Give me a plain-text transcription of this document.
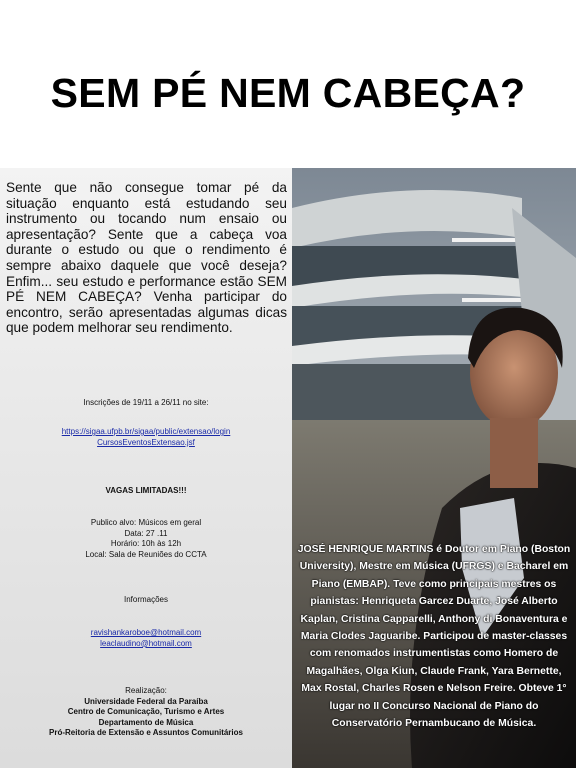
SEM PÉ NEM CABEÇA?

Sente que não consegue tomar pé da situação enquanto está estudando seu instrumento ou tocando num ensaio ou apresentação? Sente que a cabeça voa durante o estudo ou que o rendimento é sempre abaixo daquele que você deseja? Enfim... seu estudo e performance estão SEM PÉ NEM CABEÇA? Venha participar do encontro, serão apresentadas algumas dicas que podem melhorar seu rendimento.

Inscrições de 19/11 a 26/11 no site:
https://sigaa.ufpb.br/sigaa/public/extensao/login
CursosEventosExtensao.jsf
VAGAS LIMITADAS!!!
Publico alvo: Músicos em geral
Data: 27 .11
Horário: 10h às 12h
Local: Sala de Reuniões do CCTA
Informações
ravishankaroboe@hotmail.com
leaclaudino@hotmail.com
Realização:
Universidade Federal da Paraíba
Centro de Comunicação, Turismo e Artes
Departamento de Música
Pró-Reitoria de Extensão e Assuntos Comunitários
JOSÉ HENRIQUE MARTINS é Doutor em Piano (Boston University), Mestre em Música (UFRGS) e Bacharel em Piano (EMBAP). Teve como principais mestres os pianistas: Henriqueta Garcez Duarte, José Alberto Kaplan, Cristina Capparelli, Anthony di Bonaventura e Maria Clodes Jaguaribe. Participou de master-classes com renomados instrumentistas como Homero de Magalhães, Olga Kiun, Claude Frank, Yara Bernette, Max Rostal, Charles Rosen e Nelson Freire. Obteve 1° lugar no II Concurso Nacional de Piano do Conservatório Pernambucano de Música.
